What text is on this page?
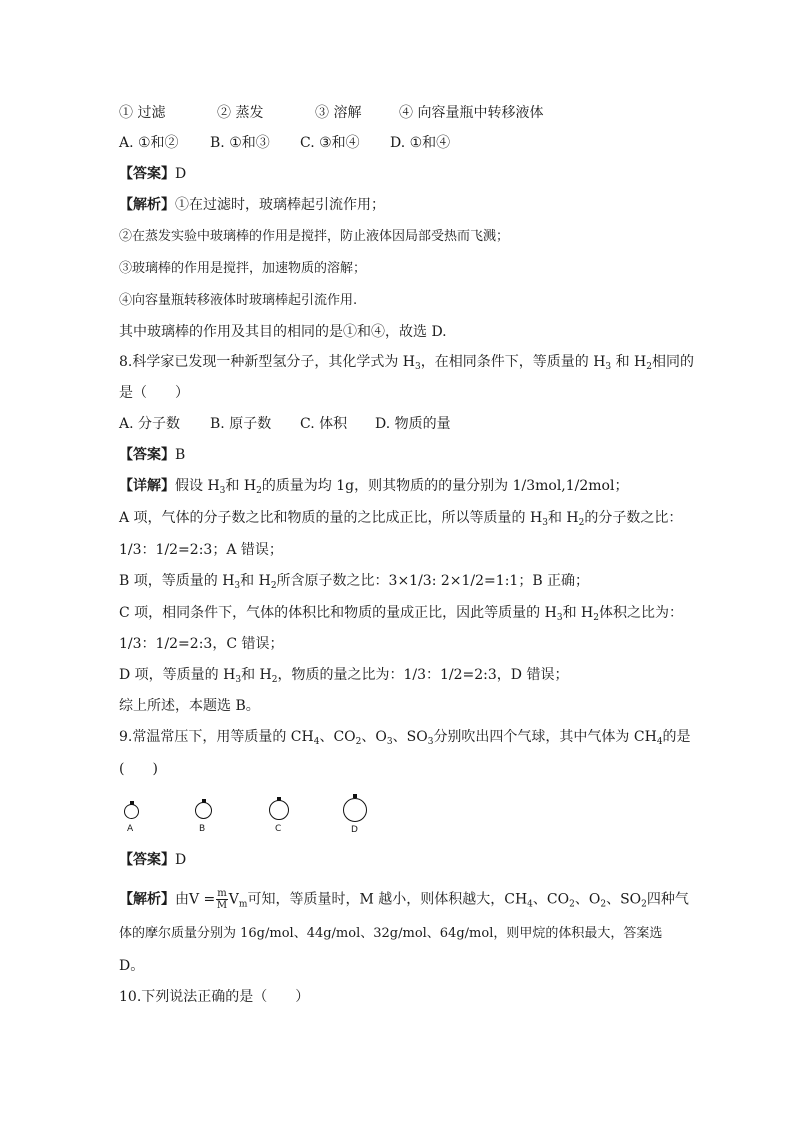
① 过滤	② 蒸发	③ 溶解	④ 向容量瓶中转移液体
A. ①和② B. ①和③ C. ③和④ D. ①和④

【答案】D

【解析】①在过滤时，玻璃棒起引流作用；

②在蒸发实验中玻璃棒的作用是搅拌，防止液体因局部受热而飞溅；

③玻璃棒的作用是搅拌，加速物质的溶解；

④向容量瓶转移液体时玻璃棒起引流作用.

其中玻璃棒的作用及其目的相同的是①和④，故选 D.

8.科学家已发现一种新型氢分子，其化学式为 $H_3$，在相同条件下，等质量的 $H_3$ 和 $H_2$相同的

是（　　）

A. 分子数 B. 原子数 C. 体积 D. 物质的量

【答案】B

【详解】假设 $H_3$和 $H_2$的质量为均 1g，则其物质的的量分别为 1/3mol,1/2mol；

A 项，气体的分子数之比和物质的量的之比成正比，所以等质量的 $H_3$和 $H_2$的分子数之比：

1/3：1/2=2:3；A 错误；

B 项，等质量的 $H_3$和 $H_2$所含原子数之比：3×1/3: 2×1/2=1:1；B 正确；

C 项，相同条件下，气体的体积比和物质的量成正比，因此等质量的 $H_3$和 $H_2$体积之比为：

1/3：1/2=2:3，C 错误；

D 项，等质量的 $H_3$和 $H_2$，物质的量之比为：1/3：1/2=2:3，D 错误；

综上所述，本题选 B。

9.常温常压下，用等质量的 $CH_4$、$CO_2$、$O_3$、$SO_3$分别吹出四个气球，其中气体为 $CH_4$的是

(　　)

A	B	C	D

【答案】D

【解析】由$V = \frac{m}{M} V_m$可知，等质量时，M 越小，则体积越大，$CH_4$、$CO_2$、$O_2$、$SO_2$四种气

体的摩尔质量分别为 16g/mol、44g/mol、32g/mol、64g/mol，则甲烷的体积最大，答案选

D。

10.下列说法正确的是（　　）
